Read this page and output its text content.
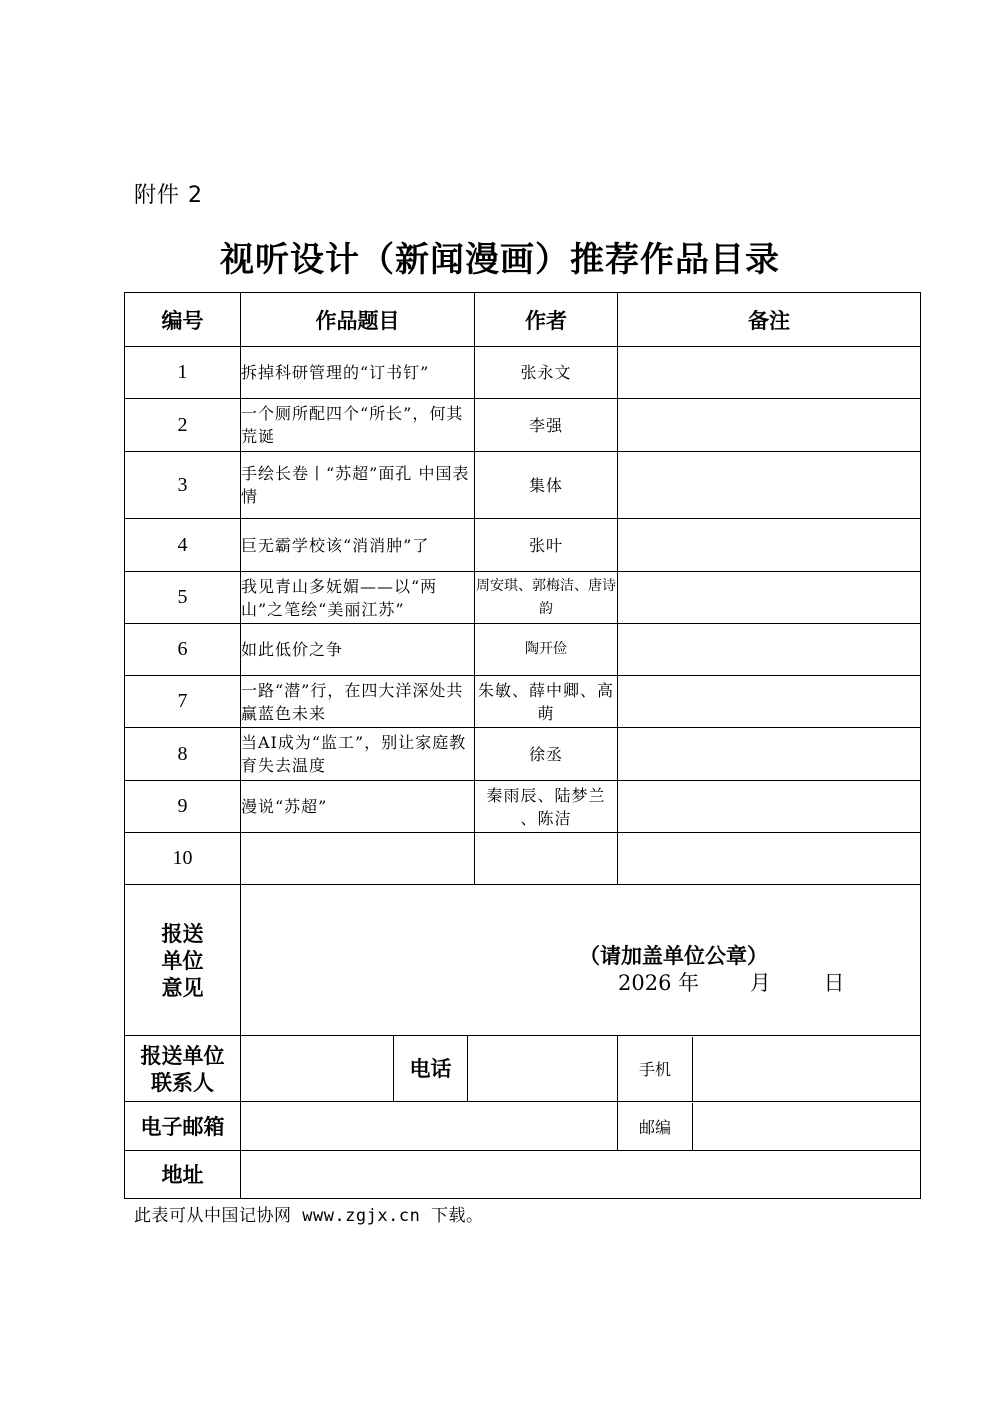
附件 2
视听设计（新闻漫画）推荐作品目录
编号	作品题目			作者	备注
1	拆掉科研管理的“订书钉”			张永文	
2	一个厕所配四个“所长”，何其荒诞			李强	
3	手绘长卷丨“苏超”面孔 中国表情			集体	
4	巨无霸学校该“消消肿”了			张叶	
5	我见青山多妩媚——以“两山”之笔绘“美丽江苏”			周安琪、郭梅洁、唐诗韵	
6	如此低价之争			陶开俭	
7	一路“潜”行，在四大洋深处共赢蓝色未来			朱敏、薛中卿、高萌	
8	当AI成为“监工”，别让家庭教育失去温度			徐丞	
9	漫说“苏超”			秦雨辰、陆梦兰 、陈洁	
10					

报送单位意见	（请加盖单位公章）
2026 年 月 日				

报送单位联系人		电话			手机

电子邮箱					邮编

地址					
此表可从中国记协网 www.zgjx.cn 下载。
